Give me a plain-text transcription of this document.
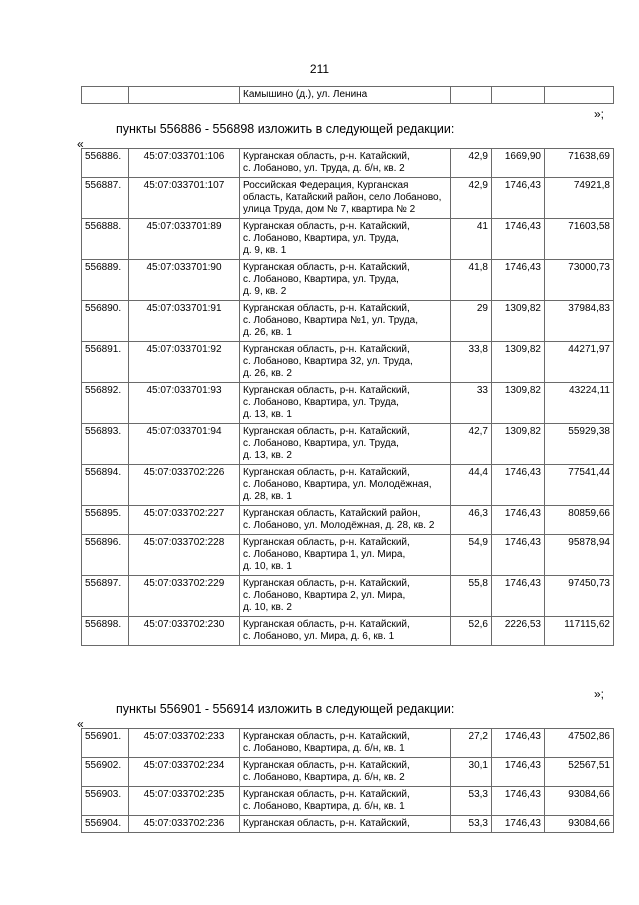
211
		Камышино (д.), ул. Ленина			
»;
пункты 556886 - 556898 изложить в следующей редакции:
«
556886.	45:07:033701:106	Курганская область, р-н. Катайский,
с. Лобаново, ул. Труда, д. б/н, кв. 2	42,9	1669,90	71638,69
556887.	45:07:033701:107	Российская Федерация, Курганская область, Катайский район, село Лобаново, улица Труда, дом № 7, квартира № 2	42,9	1746,43	74921,8
556888.	45:07:033701:89	Курганская область, р-н. Катайский,
с. Лобаново, Квартира, ул. Труда,
д. 9, кв. 1	41	1746,43	71603,58
556889.	45:07:033701:90	Курганская область, р-н. Катайский,
с. Лобаново, Квартира, ул. Труда,
д. 9, кв. 2	41,8	1746,43	73000,73
556890.	45:07:033701:91	Курганская область, р-н. Катайский,
с. Лобаново, Квартира №1, ул. Труда,
д. 26, кв. 1	29	1309,82	37984,83
556891.	45:07:033701:92	Курганская область, р-н. Катайский,
с. Лобаново, Квартира 32, ул. Труда,
д. 26, кв. 2	33,8	1309,82	44271,97
556892.	45:07:033701:93	Курганская область, р-н. Катайский,
с. Лобаново, Квартира, ул. Труда,
д. 13, кв. 1	33	1309,82	43224,11
556893.	45:07:033701:94	Курганская область, р-н. Катайский,
с. Лобаново, Квартира, ул. Труда,
д. 13, кв. 2	42,7	1309,82	55929,38
556894.	45:07:033702:226	Курганская область, р-н. Катайский,
с. Лобаново, Квартира, ул. Молодёжная,
д. 28, кв. 1	44,4	1746,43	77541,44
556895.	45:07:033702:227	Курганская область, Катайский район,
с. Лобаново, ул. Молодёжная, д. 28, кв. 2	46,3	1746,43	80859,66
556896.	45:07:033702:228	Курганская область, р-н. Катайский,
с. Лобаново, Квартира 1, ул. Мира,
д. 10, кв. 1	54,9	1746,43	95878,94
556897.	45:07:033702:229	Курганская область, р-н. Катайский,
с. Лобаново, Квартира 2, ул. Мира,
д. 10, кв. 2	55,8	1746,43	97450,73
556898.	45:07:033702:230	Курганская область, р-н. Катайский,
с. Лобаново, ул. Мира, д. 6, кв. 1	52,6	2226,53	117115,62
»;
пункты 556901 - 556914 изложить в следующей редакции:
«
556901.	45:07:033702:233	Курганская область, р-н. Катайский,
с. Лобаново, Квартира, д. б/н, кв. 1	27,2	1746,43	47502,86
556902.	45:07:033702:234	Курганская область, р-н. Катайский,
с. Лобаново, Квартира, д. б/н, кв. 2	30,1	1746,43	52567,51
556903.	45:07:033702:235	Курганская область, р-н. Катайский,
с. Лобаново, Квартира, д. б/н, кв. 1	53,3	1746,43	93084,66
556904.	45:07:033702:236	Курганская область, р-н. Катайский,	53,3	1746,43	93084,66
